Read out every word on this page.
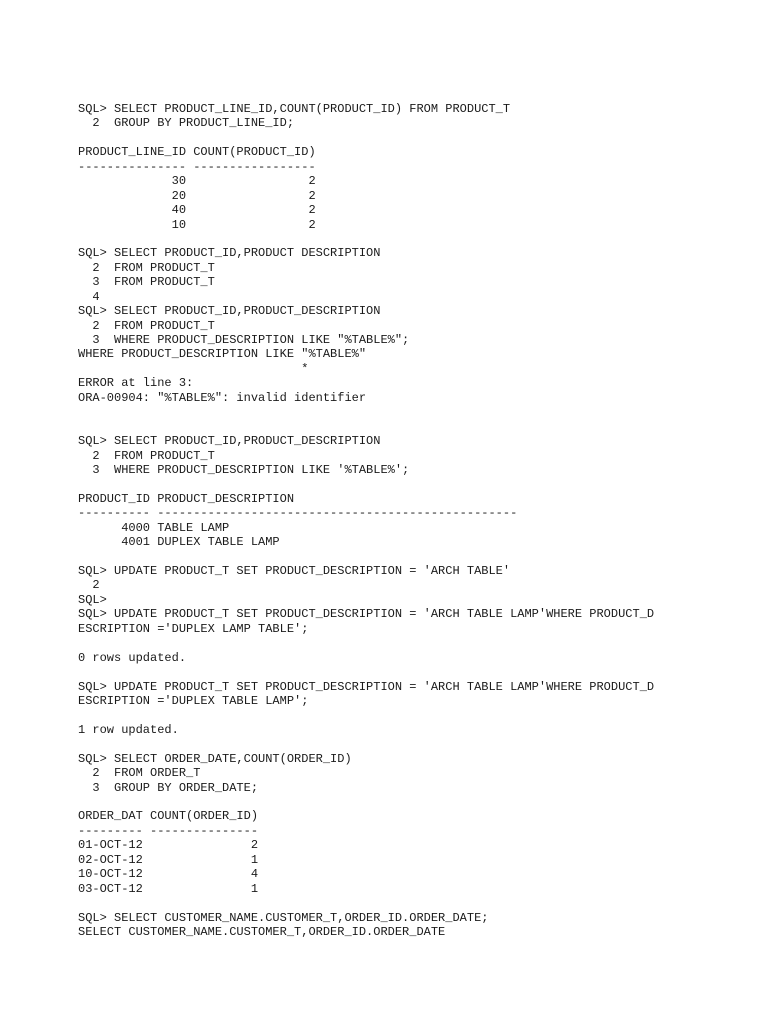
SQL> SELECT PRODUCT_LINE_ID,COUNT(PRODUCT_ID) FROM PRODUCT_T
2  GROUP BY PRODUCT_LINE_ID;
PRODUCT_LINE_ID COUNT(PRODUCT_ID)
--------------- -----------------
30                 2
20                 2
40                 2
10                 2
SQL> SELECT PRODUCT_ID,PRODUCT DESCRIPTION
2  FROM PRODUCT_T
3  FROM PRODUCT_T
4
SQL> SELECT PRODUCT_ID,PRODUCT_DESCRIPTION
2  FROM PRODUCT_T
3  WHERE PRODUCT_DESCRIPTION LIKE "%TABLE%";
WHERE PRODUCT_DESCRIPTION LIKE "%TABLE%"
*
ERROR at line 3:
ORA-00904: "%TABLE%": invalid identifier
SQL> SELECT PRODUCT_ID,PRODUCT_DESCRIPTION
2  FROM PRODUCT_T
3  WHERE PRODUCT_DESCRIPTION LIKE '%TABLE%';
PRODUCT_ID PRODUCT_DESCRIPTION
---------- --------------------------------------------------
4000 TABLE LAMP
4001 DUPLEX TABLE LAMP
SQL> UPDATE PRODUCT_T SET PRODUCT_DESCRIPTION = 'ARCH TABLE'
2
SQL>
SQL> UPDATE PRODUCT_T SET PRODUCT_DESCRIPTION = 'ARCH TABLE LAMP'WHERE PRODUCT_D
ESCRIPTION ='DUPLEX LAMP TABLE';
0 rows updated.
SQL> UPDATE PRODUCT_T SET PRODUCT_DESCRIPTION = 'ARCH TABLE LAMP'WHERE PRODUCT_D
ESCRIPTION ='DUPLEX TABLE LAMP';
1 row updated.
SQL> SELECT ORDER_DATE,COUNT(ORDER_ID)
2  FROM ORDER_T
3  GROUP BY ORDER_DATE;
ORDER_DAT COUNT(ORDER_ID)
--------- ---------------
01-OCT-12               2
02-OCT-12               1
10-OCT-12               4
03-OCT-12               1
SQL> SELECT CUSTOMER_NAME.CUSTOMER_T,ORDER_ID.ORDER_DATE;
SELECT CUSTOMER_NAME.CUSTOMER_T,ORDER_ID.ORDER_DATE
